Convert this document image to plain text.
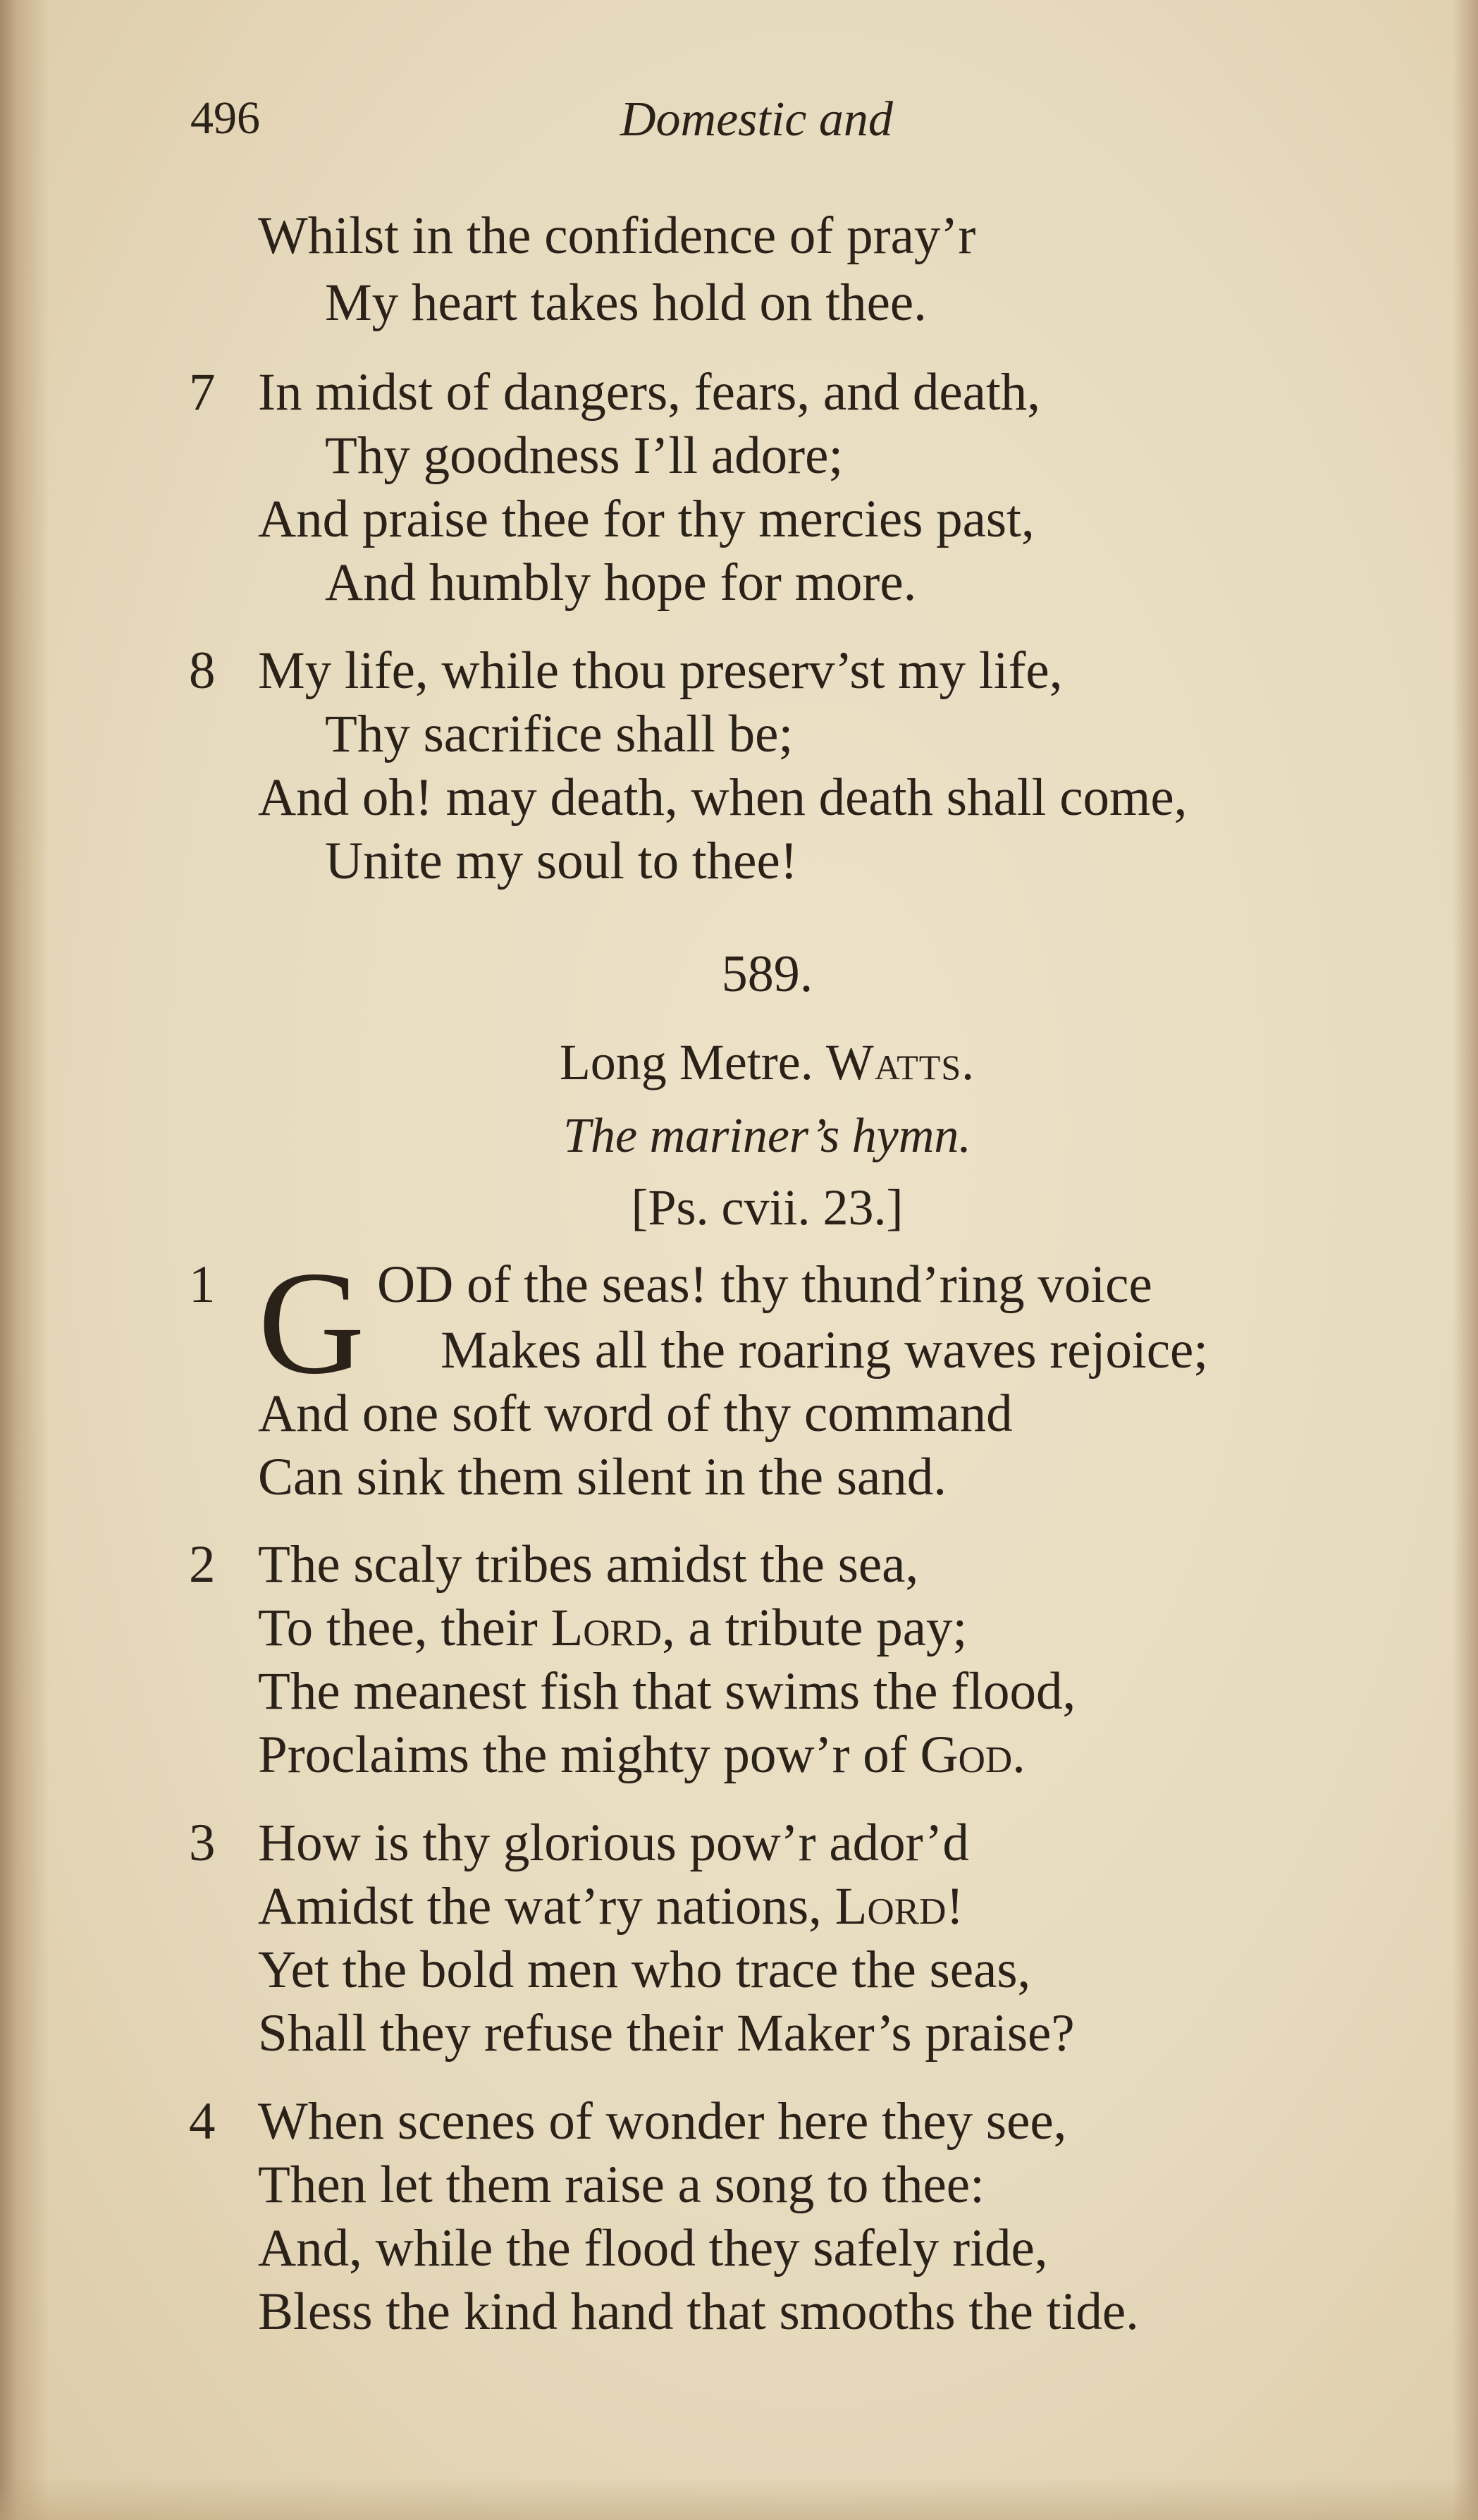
496	Domestic and
Whilst in the confidence of pray’r
My heart takes hold on thee.
7 In midst of dangers, fears, and death,
Thy goodness I’ll adore;
And praise thee for thy mercies past,
And humbly hope for more.
8 My life, while thou preserv’st my life,
Thy sacrifice shall be;
And oh! may death, when death shall come,
Unite my soul to thee!
589.
Long Metre. Watts.
The mariner’s hymn.
[Ps. cvii. 23.]
1 G OD of the seas! thy thund’ring voice
Makes all the roaring waves rejoice;
And one soft word of thy command
Can sink them silent in the sand.
2 The scaly tribes amidst the sea,
To thee, their Lord, a tribute pay;
The meanest fish that swims the flood,
Proclaims the mighty pow’r of God.
3 How is thy glorious pow’r ador’d
Amidst the wat’ry nations, Lord!
Yet the bold men who trace the seas,
Shall they refuse their Maker’s praise?
4 When scenes of wonder here they see,
Then let them raise a song to thee:
And, while the flood they safely ride,
Bless the kind hand that smooths the tide.
